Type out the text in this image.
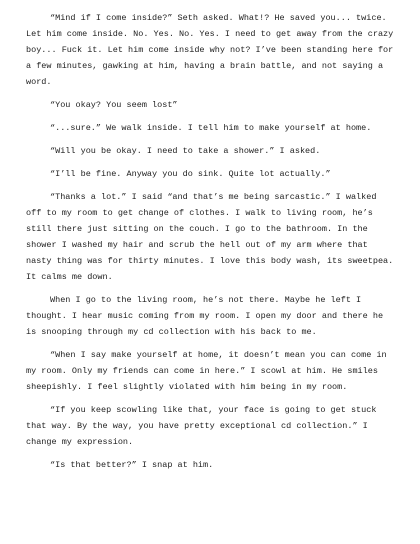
“Mind if I come inside?” Seth asked. What!? He saved you... twice. Let him come inside. No. Yes. No. Yes. I need to get away from the crazy boy... Fuck it. Let him come inside why not? I’ve been standing here for a few minutes, gawking at him, having a brain battle, and not saying a word.

“You okay? You seem lost”

“...sure.” We walk inside. I tell him to make yourself at home.

“Will you be okay. I need to take a shower.” I asked.

“I’ll be fine. Anyway you do sink. Quite lot actually.”

“Thanks a lot.” I said “and that’s me being sarcastic.” I walked off to my room to get change of clothes. I walk to living room, he’s still there just sitting on the couch. I go to the bathroom. In the shower I washed my hair and scrub the hell out of my arm where that nasty thing was for thirty minutes. I love this body wash, its sweetpea. It calms me down.

When I go to the living room, he’s not there. Maybe he left I thought. I hear music coming from my room. I open my door and there he is snooping through my cd collection with his back to me.

“When I say make yourself at home, it doesn’t mean you can come in my room. Only my friends can come in here.” I scowl at him. He smiles sheepishly. I feel slightly violated with him being in my room.

“If you keep scowling like that, your face is going to get stuck that way. By the way, you have pretty exceptional cd collection.” I change my expression.

“Is that better?” I snap at him.
